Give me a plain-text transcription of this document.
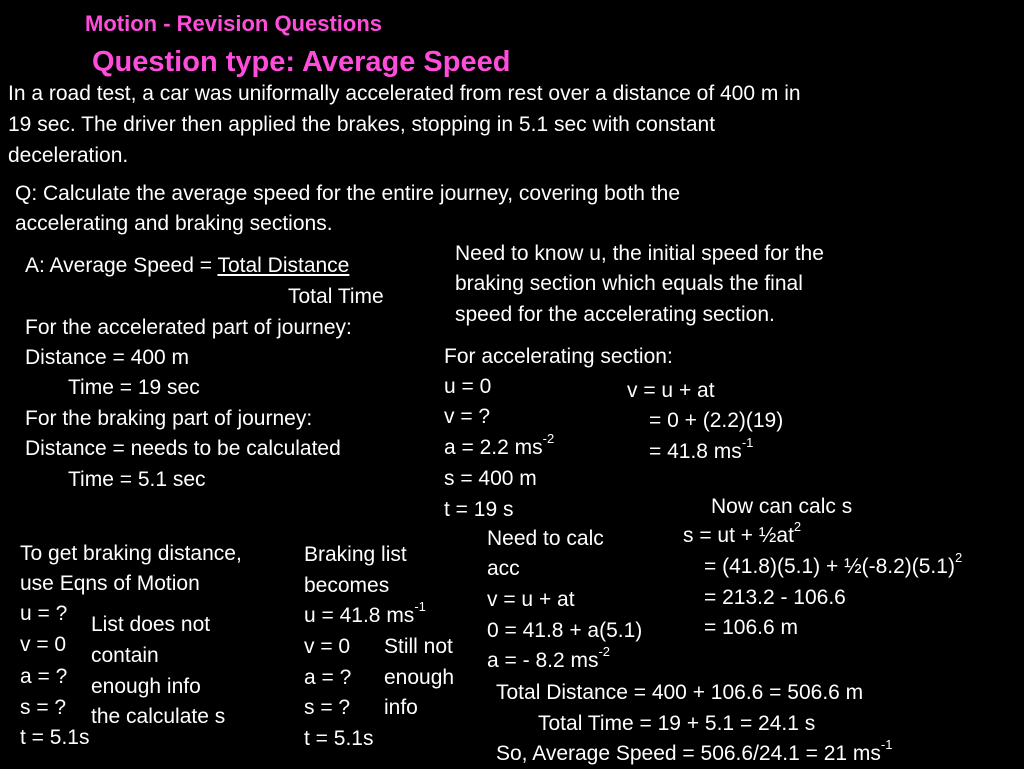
Motion - Revision Questions
Question type: Average Speed
In a road test, a car was uniformally accelerated from rest over a distance of 400 m in
19 sec. The driver then applied the brakes, stopping in 5.1 sec with constant
deceleration.
Q: Calculate the average speed for the entire journey, covering both the
accelerating and braking sections.
A: Average Speed = Total Distance
Total Time
For the accelerated part of journey:
Distance = 400 m
Time = 19 sec
For the braking part of journey:
Distance = needs to be calculated
Time = 5.1 sec
Need to know u, the initial speed for the
braking section which equals the final
speed for the accelerating section.
For accelerating section:
u = 0
v = ?
a = 2.2 $ms^{-2}$
s = 400 m
t = 19 s
v = u + at
= 0 + (2.2)(19)
= 41.8 $ms^{-1}$
Now can calc s
s = ut + $\frac{1}{2}at^2$
= $(41.8)(5.1) + \frac{1}{2}(-8.2)(5.1)^2$
= 213.2 - 106.6
= 106.6 m
Need to calc
acc
v = u + at
0 = 41.8 + a(5.1)
a = - 8.2 $ms^{-2}$
To get braking distance,
use Eqns of Motion
u = ?
v = 0
a = ?
s = ?
t = 5.1s
List does not
contain
enough info
the calculate s
Braking list
becomes
u = 41.8 $ms^{-1}$
v = 0
a = ?
s = ?
t = 5.1s
Still not
enough
info
Total Distance = 400 + 106.6 = 506.6 m
Total Time = 19 + 5.1 = 24.1 s
So, Average Speed = 506.6/24.1 = 21 $ms^{-1}$
